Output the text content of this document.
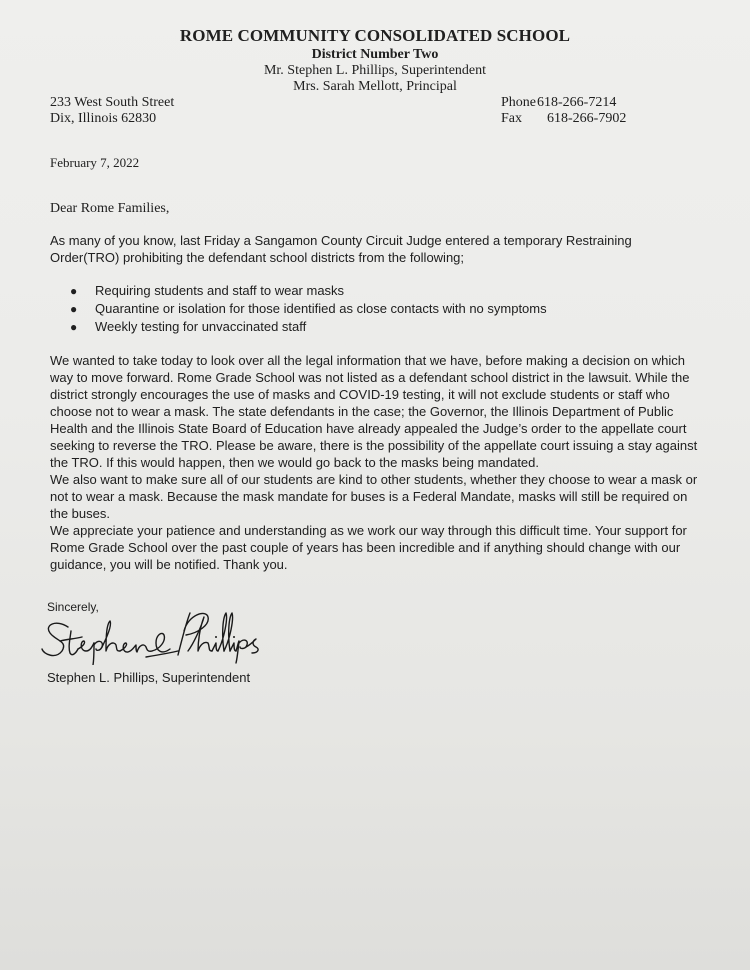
ROME COMMUNITY CONSOLIDATED SCHOOL
District Number Two
Mr. Stephen L. Phillips, Superintendent
Mrs. Sarah Mellott, Principal
233 West South Street
Dix, Illinois 62830
Phone 618-266-7214
Fax	618-266-7902
February 7, 2022
Dear Rome Families,
As many of you know, last Friday a Sangamon County Circuit Judge entered a temporary Restraining Order(TRO) prohibiting the defendant school districts from the following;
●	Requiring students and staff to wear masks
●	Quarantine or isolation for those identified as close contacts with no symptoms
●	Weekly testing for unvaccinated staff
We wanted to take today to look over all the legal information that we have, before making a decision on which way to move forward. Rome Grade School was not listed as a defendant school district in the lawsuit. While the district strongly encourages the use of masks and COVID-19 testing, it will not exclude students or staff who choose not to wear a mask. The state defendants in the case; the Governor, the Illinois Department of Public Health and the Illinois State Board of Education have already appealed the Judge’s order to the appellate court seeking to reverse the TRO. Please be aware, there is the possibility of the appellate court issuing a stay against the TRO. If this would happen, then we would go back to the masks being mandated.
We also want to make sure all of our students are kind to other students, whether they choose to wear a mask or not to wear a mask. Because the mask mandate for buses is a Federal Mandate, masks will still be required on the buses.
We appreciate your patience and understanding as we work our way through this difficult time. Your support for Rome Grade School over the past couple of years has been incredible and if anything should change with our guidance, you will be notified. Thank you.
Sincerely,
Stephen L. Phillips, Superintendent
